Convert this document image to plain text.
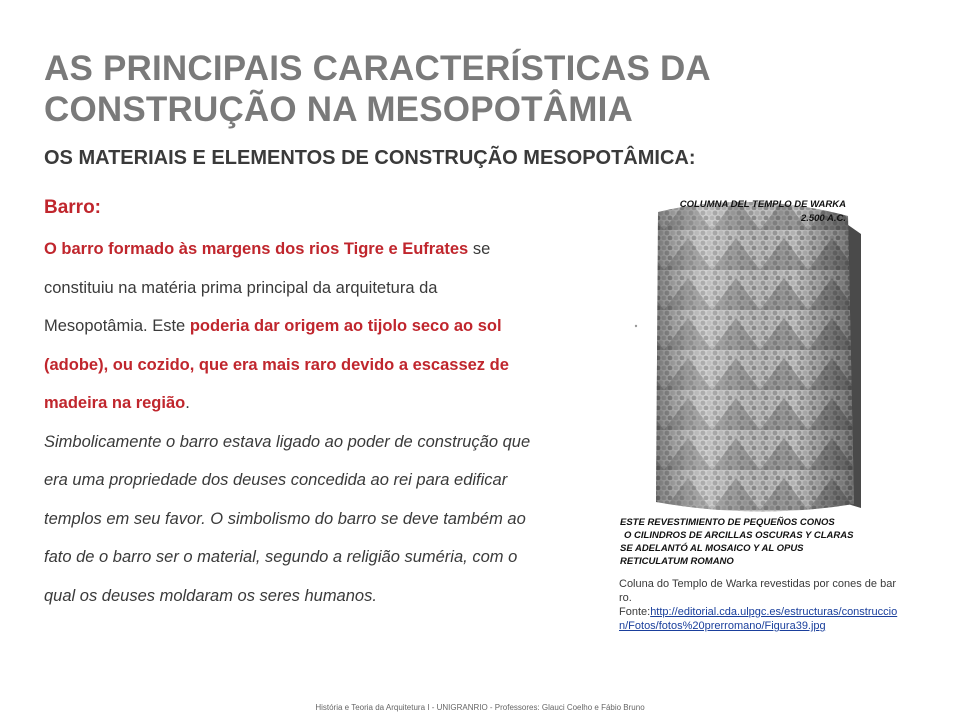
AS PRINCIPAIS CARACTERÍSTICAS DA
CONSTRUÇÃO NA MESOPOTÂMIA
OS MATERIAIS E ELEMENTOS DE CONSTRUÇÃO MESOPOTÂMICA:
Barro:

O barro formado às margens dos rios Tigre e Eufrates se constituiu na matéria prima principal da arquitetura da Mesopotâmia. Este poderia dar origem ao tijolo seco ao sol (adobe), ou cozido, que era mais raro devido a escassez de madeira na região.

Simbolicamente o barro estava ligado ao poder de construção que era uma propriedade dos deuses concedida ao rei para edificar templos em seu favor. O simbolismo do barro se deve também ao fato de o barro ser o material, segundo a religião suméria, com o qual os deuses moldaram os seres humanos.

COLUMNA DEL TEMPLO DE WARKA
2.500 A.C.
ESTE REVESTIMIENTO DE PEQUEÑOS CONOS
O CILINDROS DE ARCILLAS OSCURAS Y CLARAS
SE ADELANTÓ AL MOSAICO Y AL OPUS
RETICULATUM ROMANO

Coluna do Templo de Warka revestidas por cones de barro.
Fonte:http://editorial.cda.ulpgc.es/estructuras/construccion/Fotos/fotos%20prerromano/Figura39.jpg

História e Teoria da Arquitetura I - UNIGRANRIO - Professores: Glauci Coelho e Fábio Bruno
